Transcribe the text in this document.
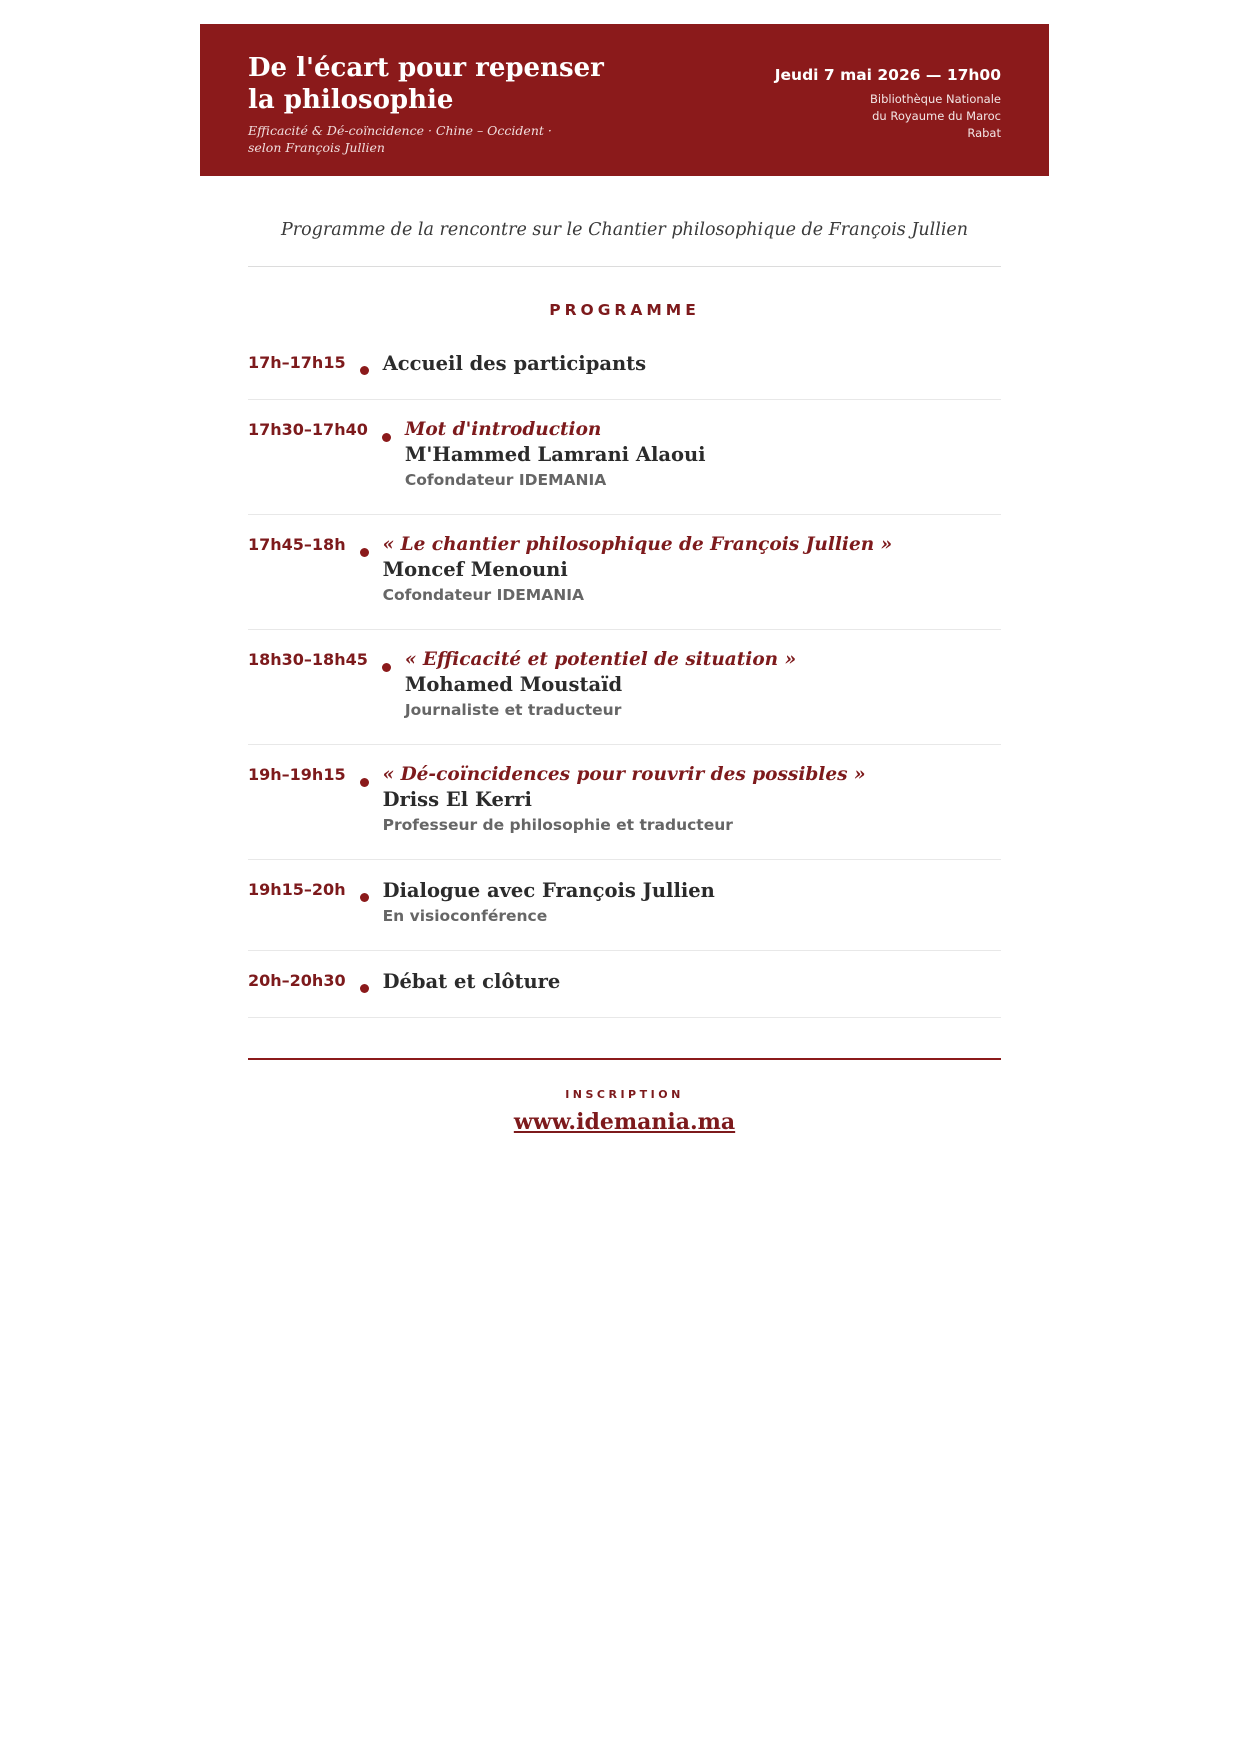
De l'écart pour repenser
la philosophie
Efficacité & Dé-coïncidence · Chine – Occident ·
selon François Jullien
Jeudi 7 mai 2026 — 17h00
Bibliothèque Nationale
du Royaume du Maroc
Rabat
Programme de la rencontre sur le Chantier philosophique de François Jullien
PROGRAMME
17h–17h15 Accueil des participants
17h30–17h40 Mot d'introduction
M'Hammed Lamrani Alaoui
Cofondateur IDEMANIA
17h45–18h « Le chantier philosophique de François Jullien »
Moncef Menouni
Cofondateur IDEMANIA
18h30–18h45 « Efficacité et potentiel de situation »
Mohamed Moustaïd
Journaliste et traducteur
19h–19h15 « Dé-coïncidences pour rouvrir des possibles »
Driss El Kerri
Professeur de philosophie et traducteur
19h15–20h Dialogue avec François Jullien
En visioconférence
20h–20h30 Débat et clôture
INSCRIPTION
www.idemania.ma
